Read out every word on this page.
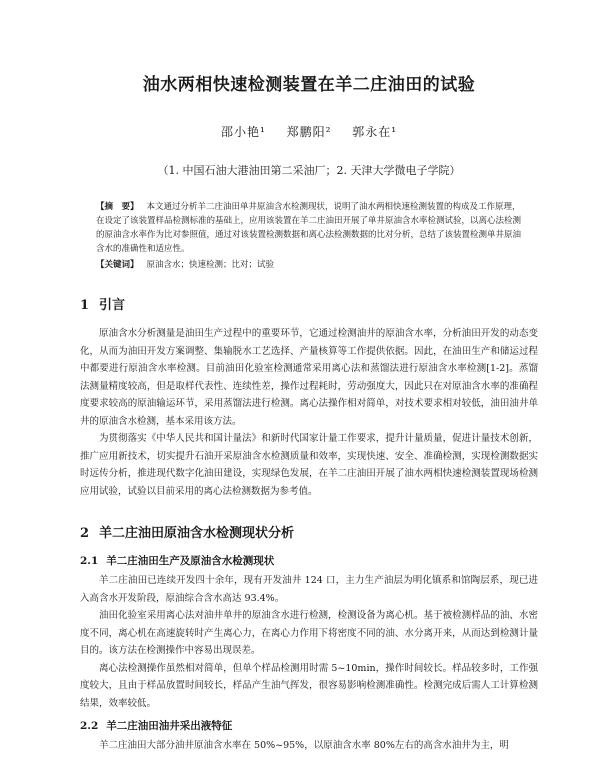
油水两相快速检测装置在羊二庄油田的试验
邵小艳¹ 郑鹏阳² 郭永在¹
（1. 中国石油大港油田第二采油厂；2. 天津大学微电子学院）
【摘　要】 本文通过分析羊二庄油田单井原油含水检测现状，说明了油水两相快速检测装置的构成及工作原理，在设定了该装置样品检测标准的基础上，应用该装置在羊二庄油田开展了单井原油含水率检测试验，以离心法检测的原油含水率作为比对参照值，通过对该装置检测数据和离心法检测数据的比对分析，总结了该装置检测单井原油含水的准确性和适应性。
【关键词】 原油含水；快速检测；比对；试验
1 引言

原油含水分析测量是油田生产过程中的重要环节，它通过检测油井的原油含水率，分析油田开发的动态变化，从而为油田开发方案调整、集输脱水工艺选择、产量核算等工作提供依据。因此，在油田生产和储运过程中都要进行原油含水率检测。目前油田化验室检测通常采用离心法和蒸馏法进行原油含水率检测[1-2]。蒸馏法测量精度较高，但是取样代表性、连续性差，操作过程耗时，劳动强度大，因此只在对原油含水率的准确程度要求较高的原油输运环节，采用蒸馏法进行检测。离心法操作相对简单，对技术要求相对较低，油田油井单井的原油含水检测，基本采用该方法。

为贯彻落实《中华人民共和国计量法》和新时代国家计量工作要求，提升计量质量，促进计量技术创新，推广应用新技术，切实提升石油开采原油含水检测质量和效率，实现快速、安全、准确检测，实现检测数据实时远传分析，推进现代数字化油田建设，实现绿色发展，在羊二庄油田开展了油水两相快速检测装置现场检测应用试验，试验以目前采用的离心法检测数据为参考值。

2 羊二庄油田原油含水检测现状分析
2.1 羊二庄油田生产及原油含水检测现状

羊二庄油田已连续开发四十余年，现有开发油井 124 口，主力生产油层为明化镇系和馆陶层系，现已进入高含水开发阶段，原油综合含水高达 93.4%。

油田化验室采用离心法对油井单井的原油含水进行检测，检测设备为离心机。基于被检测样品的油、水密度不同，离心机在高速旋转时产生离心力，在离心力作用下将密度不同的油、水分离开来，从而达到检测计量目的。该方法在检测操作中容易出现误差。

离心法检测操作虽然相对简单，但单个样品检测用时需 5~10min，操作时间较长。样品较多时，工作强度较大，且由于样品放置时间较长，样品产生油气挥发，很容易影响检测准确性。检测完成后需人工计算检测结果，效率较低。

2.2 羊二庄油田油井采出液特征

羊二庄油田大部分油井原油含水率在 50%~95%，以原油含水率 80%左右的高含水油井为主，明
